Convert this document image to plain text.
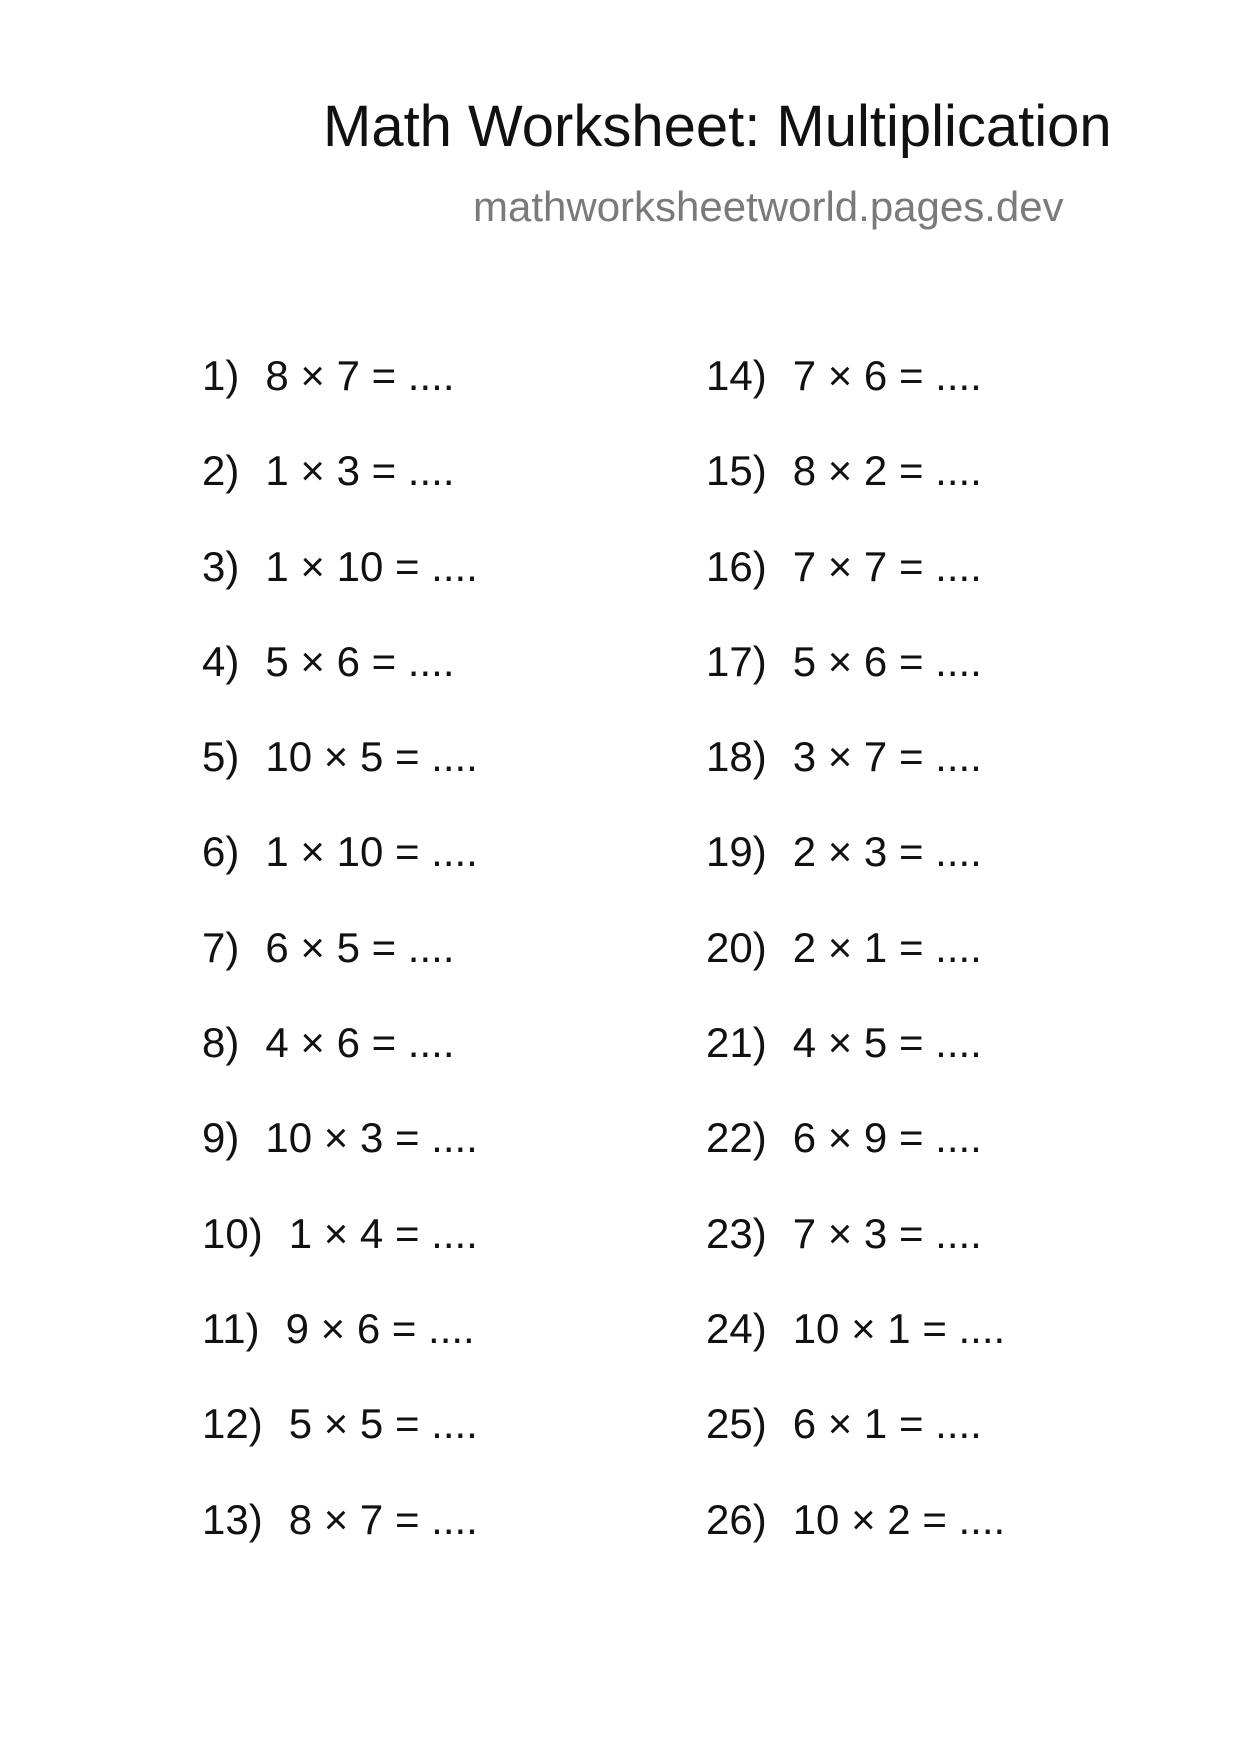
Math Worksheet: Multiplication
mathworksheetworld.pages.dev
1) 8 × 7 = ....
2) 1 × 3 = ....
3) 1 × 10 = ....
4) 5 × 6 = ....
5) 10 × 5 = ....
6) 1 × 10 = ....
7) 6 × 5 = ....
8) 4 × 6 = ....
9) 10 × 3 = ....
10) 1 × 4 = ....
11) 9 × 6 = ....
12) 5 × 5 = ....
13) 8 × 7 = ....
14) 7 × 6 = ....
15) 8 × 2 = ....
16) 7 × 7 = ....
17) 5 × 6 = ....
18) 3 × 7 = ....
19) 2 × 3 = ....
20) 2 × 1 = ....
21) 4 × 5 = ....
22) 6 × 9 = ....
23) 7 × 3 = ....
24) 10 × 1 = ....
25) 6 × 1 = ....
26) 10 × 2 = ....
